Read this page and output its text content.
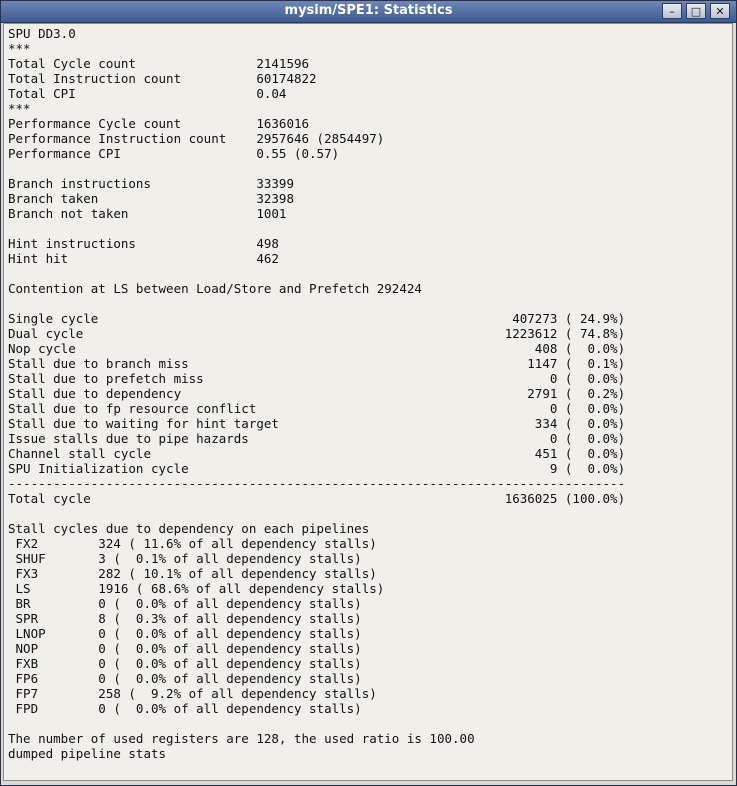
mysim/SPE1: Statistics	– □ ✕
SPU DD3.0
***
Total Cycle count                2141596
Total Instruction count          60174822
Total CPI                        0.04
***
Performance Cycle count          1636016
Performance Instruction count    2957646 (2854497)
Performance CPI                  0.55 (0.57)
Branch instructions              33399
Branch taken                     32398
Branch not taken                 1001
Hint instructions                498
Hint hit                         462
Contention at LS between Load/Store and Prefetch 292424
Single cycle                                                       407273 ( 24.9%)
Dual cycle                                                        1223612 ( 74.8%)
Nop cycle                                                             408 (  0.0%)
Stall due to branch miss                                             1147 (  0.1%)
Stall due to prefetch miss                                              0 (  0.0%)
Stall due to dependency                                              2791 (  0.2%)
Stall due to fp resource conflict                                       0 (  0.0%)
Stall due to waiting for hint target                                  334 (  0.0%)
Issue stalls due to pipe hazards                                        0 (  0.0%)
Channel stall cycle                                                   451 (  0.0%)
SPU Initialization cycle                                                9 (  0.0%)
----------------------------------------------------------------------------------
Total cycle                                                       1636025 (100.0%)
Stall cycles due to dependency on each pipelines
FX2        324 ( 11.6% of all dependency stalls)
SHUF       3 (  0.1% of all dependency stalls)
FX3        282 ( 10.1% of all dependency stalls)
LS         1916 ( 68.6% of all dependency stalls)
BR         0 (  0.0% of all dependency stalls)
SPR        8 (  0.3% of all dependency stalls)
LNOP       0 (  0.0% of all dependency stalls)
NOP        0 (  0.0% of all dependency stalls)
FXB        0 (  0.0% of all dependency stalls)
FP6        0 (  0.0% of all dependency stalls)
FP7        258 (  9.2% of all dependency stalls)
FPD        0 (  0.0% of all dependency stalls)
The number of used registers are 128, the used ratio is 100.00
dumped pipeline stats
